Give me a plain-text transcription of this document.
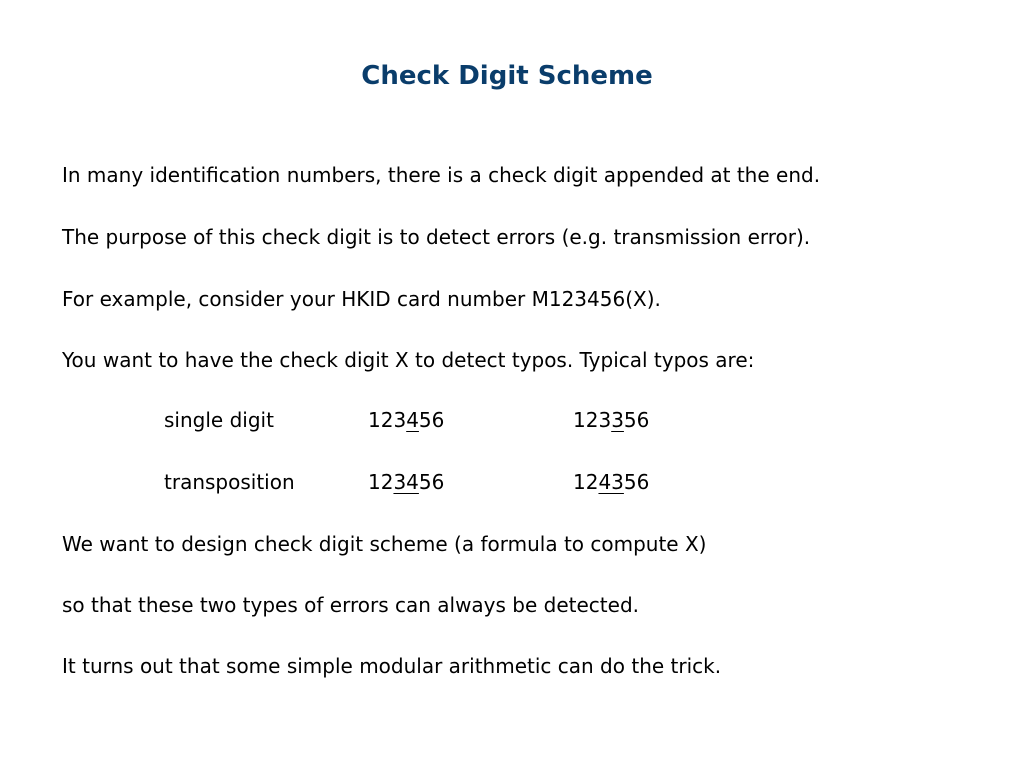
Check Digit Scheme
In many identification numbers, there is a check digit appended at the end.
The purpose of this check digit is to detect errors (e.g. transmission error).
For example, consider your HKID card number M123456(X).
You want to have the check digit X to detect typos. Typical typos are:
single digit	123456	123356
transposition	123456	124356
We want to design check digit scheme (a formula to compute X)
so that these two types of errors can always be detected.
It turns out that some simple modular arithmetic can do the trick.
